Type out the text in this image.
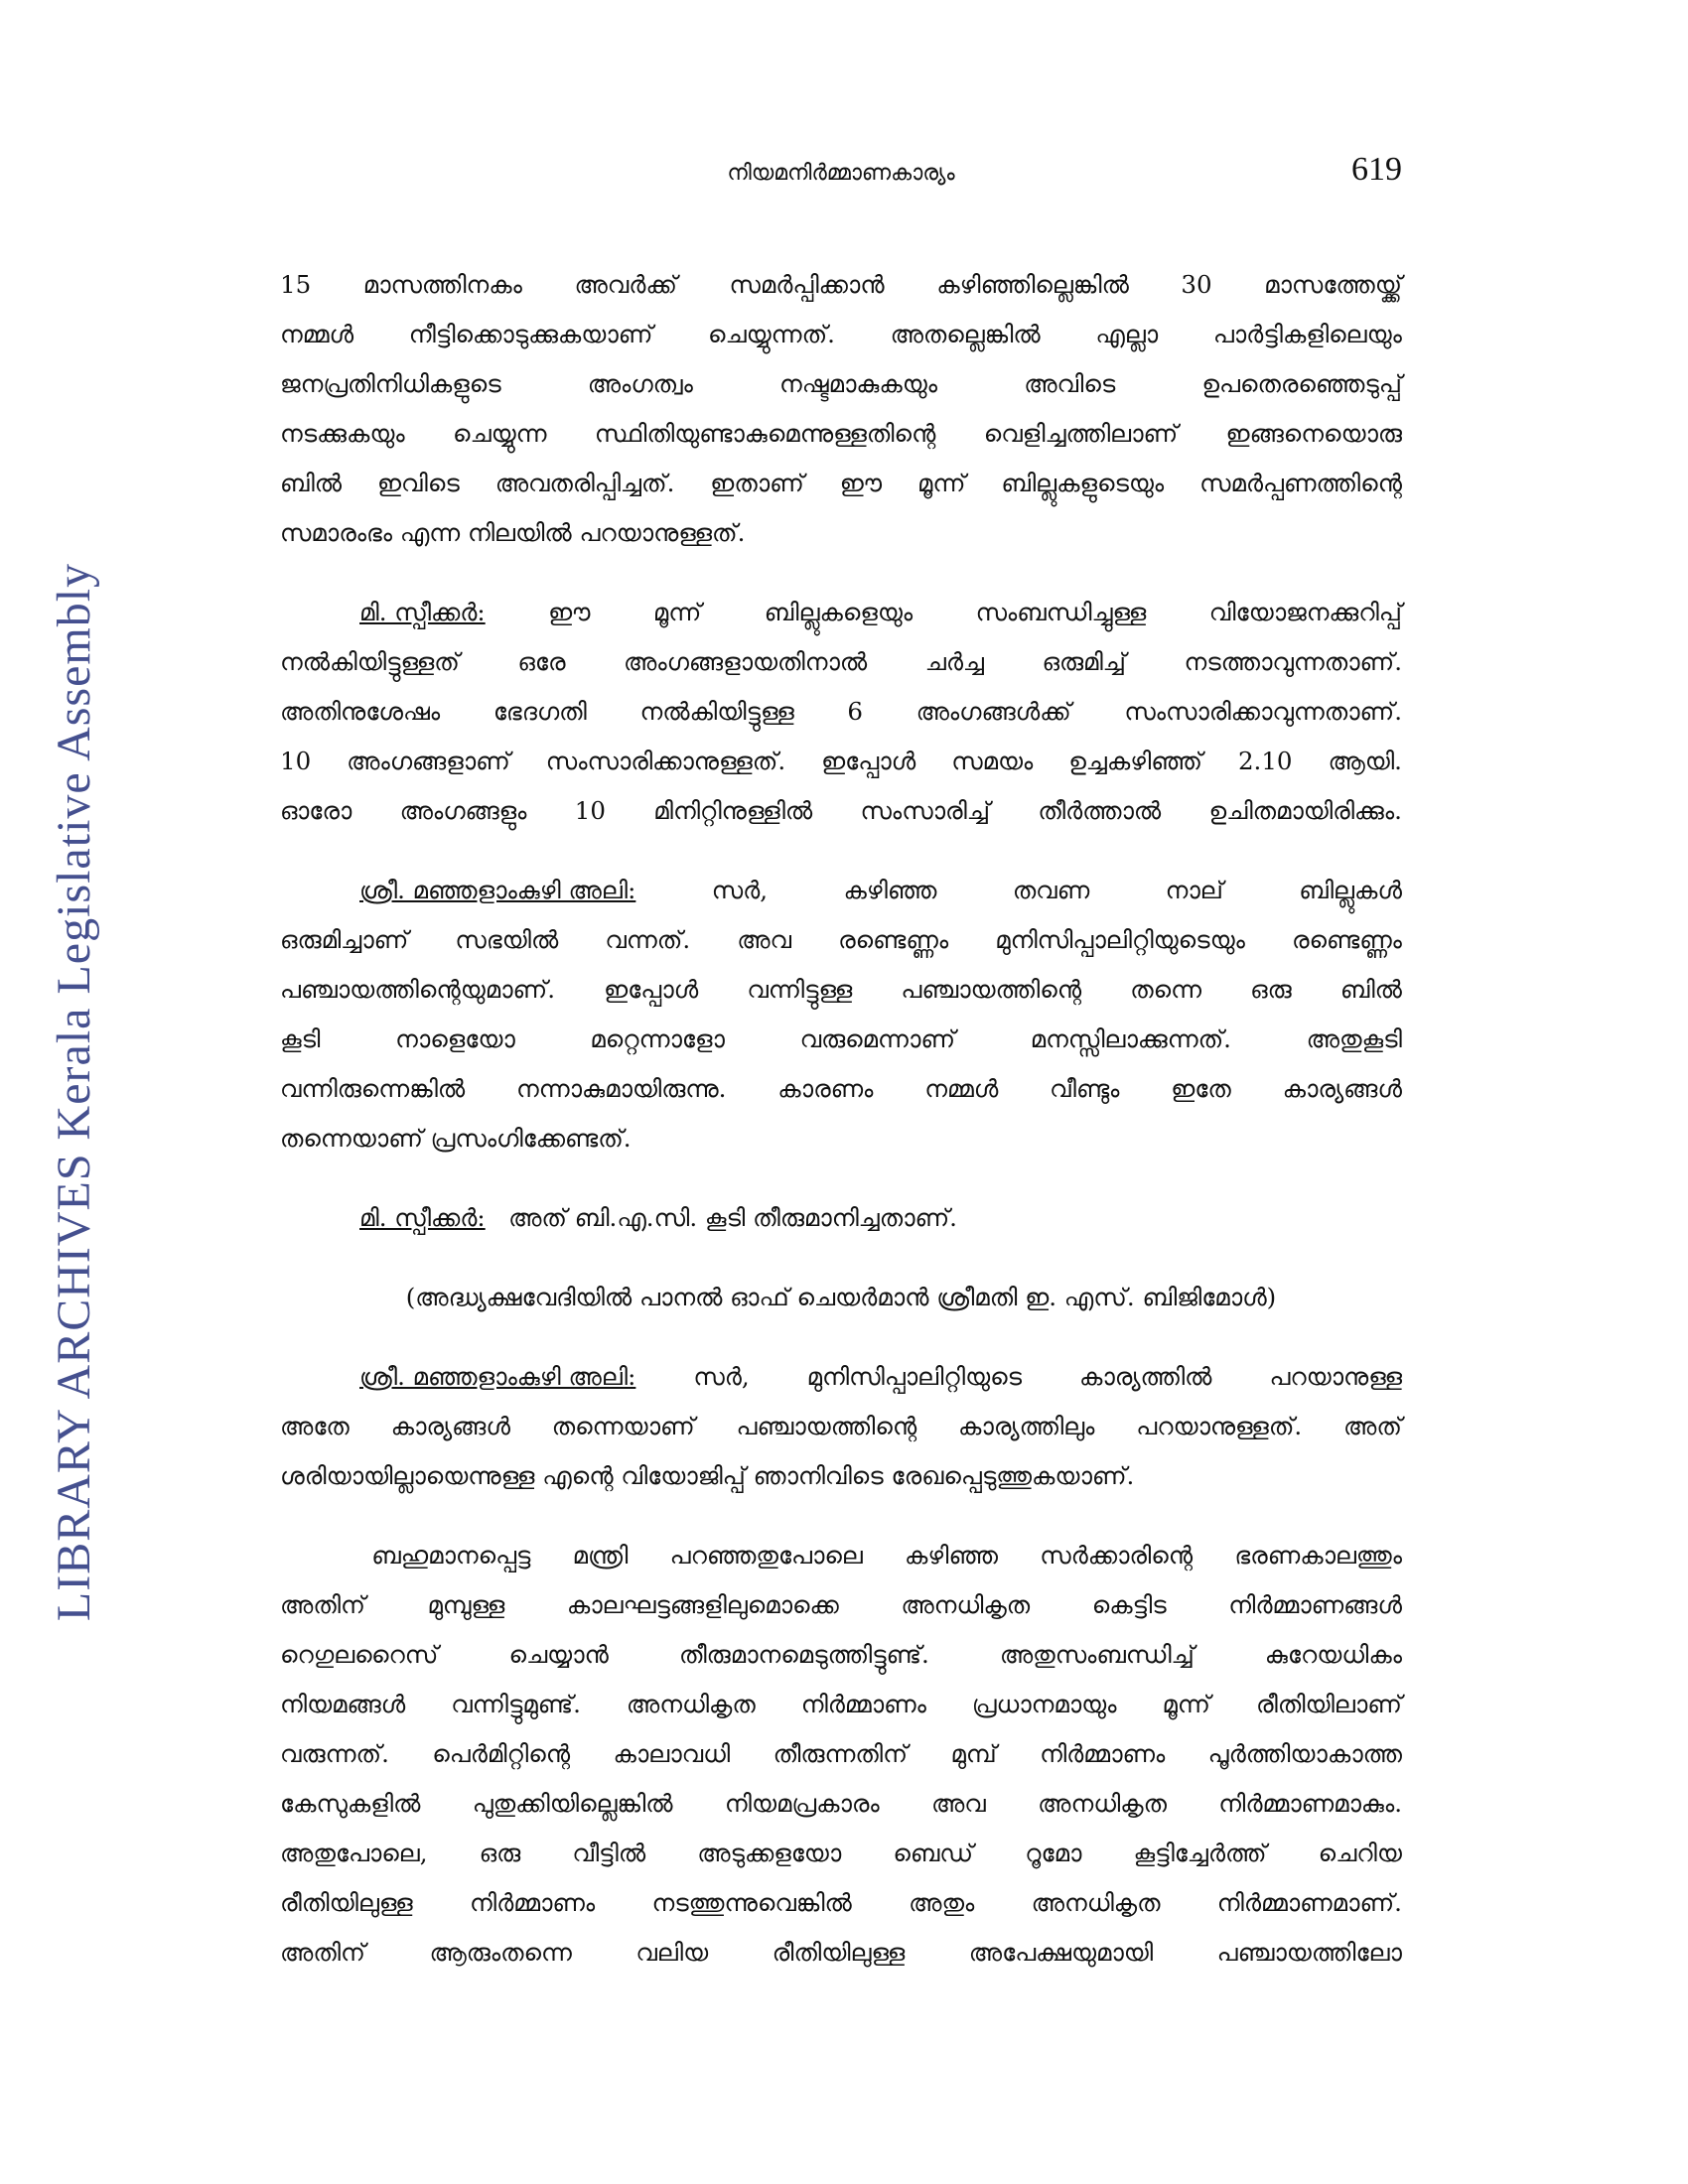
LIBRARY ARCHIVES Kerala Legislative Assembly
നിയമനിർമ്മാണകാര്യം	619
15 മാസത്തിനകം അവർക്ക് സമർപ്പിക്കാൻ കഴിഞ്ഞില്ലെങ്കിൽ 30 മാസത്തേയ്ക്ക്
നമ്മൾ നീട്ടിക്കൊടുക്കുകയാണ് ചെയ്യുന്നത്. അതല്ലെങ്കിൽ എല്ലാ പാർട്ടികളിലെയും
ജനപ്രതിനിധികളുടെ	അംഗത്വം	നഷ്ടമാകുകയും	അവിടെ	ഉപതെരഞ്ഞെടുപ്പ്
നടക്കുകയും ചെയ്യുന്ന സ്ഥിതിയുണ്ടാകുമെന്നുള്ളതിന്റെ വെളിച്ചത്തിലാണ് ഇങ്ങനെയൊരു
ബിൽ ഇവിടെ അവതരിപ്പിച്ചത്. ഇതാണ് ഈ മൂന്ന് ബില്ലുകളുടെയും സമർപ്പണത്തിന്റെ
സമാരംഭം എന്ന നിലയിൽ പറയാനുള്ളത്.
മി. സ്പീക്കർ:	ഈ	മൂന്ന്	ബില്ലുകളെയും	സംബന്ധിച്ചുള്ള	വിയോജനക്കുറിപ്പ്
നൽകിയിട്ടുള്ളത് ഒരേ അംഗങ്ങളായതിനാൽ ചർച്ച ഒരുമിച്ച് നടത്താവുന്നതാണ്.
അതിനുശേഷം ഭേദഗതി നൽകിയിട്ടുള്ള 6 അംഗങ്ങൾക്ക് സംസാരിക്കാവുന്നതാണ്.
10 അംഗങ്ങളാണ് സംസാരിക്കാനുള്ളത്. ഇപ്പോൾ സമയം ഉച്ചകഴിഞ്ഞ് 2.10 ആയി.
ഓരോ അംഗങ്ങളും 10 മിനിറ്റിനുള്ളിൽ സംസാരിച്ച് തീർത്താൽ ഉചിതമായിരിക്കും.
ശ്രീ. മഞ്ഞളാംകുഴി അലി:	സർ,	കഴിഞ്ഞ	തവണ	നാല്	ബില്ലുകൾ
ഒരുമിച്ചാണ് സഭയിൽ വന്നത്. അവ രണ്ടെണ്ണം മുനിസിപ്പാലിറ്റിയുടെയും രണ്ടെണ്ണം
പഞ്ചായത്തിന്റെയുമാണ്. ഇപ്പോൾ വന്നിട്ടുള്ള പഞ്ചായത്തിന്റെ തന്നെ ഒരു ബിൽ
കൂടി	നാളെയോ	മറ്റെന്നാളോ	വരുമെന്നാണ്	മനസ്സിലാക്കുന്നത്.	അതുകൂടി
വന്നിരുന്നെങ്കിൽ നന്നാകുമായിരുന്നു. കാരണം നമ്മൾ വീണ്ടും ഇതേ കാര്യങ്ങൾ
തന്നെയാണ് പ്രസംഗിക്കേണ്ടത്.
മി. സ്പീക്കർ: അത് ബി.എ.സി. കൂടി തീരുമാനിച്ചതാണ്.
(അദ്ധ്യക്ഷവേദിയിൽ പാനൽ ഓഫ് ചെയർമാൻ ശ്രീമതി ഇ. എസ്. ബിജിമോൾ)
ശ്രീ. മഞ്ഞളാംകുഴി അലി: സർ, മുനിസിപ്പാലിറ്റിയുടെ കാര്യത്തിൽ പറയാനുള്ള
അതേ കാര്യങ്ങൾ തന്നെയാണ് പഞ്ചായത്തിന്റെ കാര്യത്തിലും പറയാനുള്ളത്. അത്
ശരിയായില്ലായെന്നുള്ള എന്റെ വിയോജിപ്പ് ഞാനിവിടെ രേഖപ്പെടുത്തുകയാണ്.
ബഹുമാനപ്പെട്ട മന്ത്രി പറഞ്ഞതുപോലെ കഴിഞ്ഞ സർക്കാരിന്റെ ഭരണകാലത്തും
അതിന്	മുമ്പുള്ള	കാലഘട്ടങ്ങളിലുമൊക്കെ	അനധികൃത	കെട്ടിട	നിർമ്മാണങ്ങൾ
റെഗുലറൈസ്	ചെയ്യാൻ	തീരുമാനമെടുത്തിട്ടുണ്ട്.	അതുസംബന്ധിച്ച്	കുറേയധികം
നിയമങ്ങൾ വന്നിട്ടുമുണ്ട്. അനധികൃത നിർമ്മാണം പ്രധാനമായും മൂന്ന് രീതിയിലാണ്
വരുന്നത്. പെർമിറ്റിന്റെ കാലാവധി തീരുന്നതിന് മുമ്പ് നിർമ്മാണം പൂർത്തിയാകാത്ത
കേസുകളിൽ പുതുക്കിയില്ലെങ്കിൽ നിയമപ്രകാരം അവ അനധികൃത നിർമ്മാണമാകും.
അതുപോലെ, ഒരു വീട്ടിൽ അടുക്കളയോ ബെഡ് റൂമോ കൂട്ടിച്ചേർത്ത് ചെറിയ
രീതിയിലുള്ള നിർമ്മാണം നടത്തുന്നുവെങ്കിൽ അതും അനധികൃത നിർമ്മാണമാണ്.
അതിന്	ആരുംതന്നെ	വലിയ	രീതിയിലുള്ള	അപേക്ഷയുമായി	പഞ്ചായത്തിലോ
